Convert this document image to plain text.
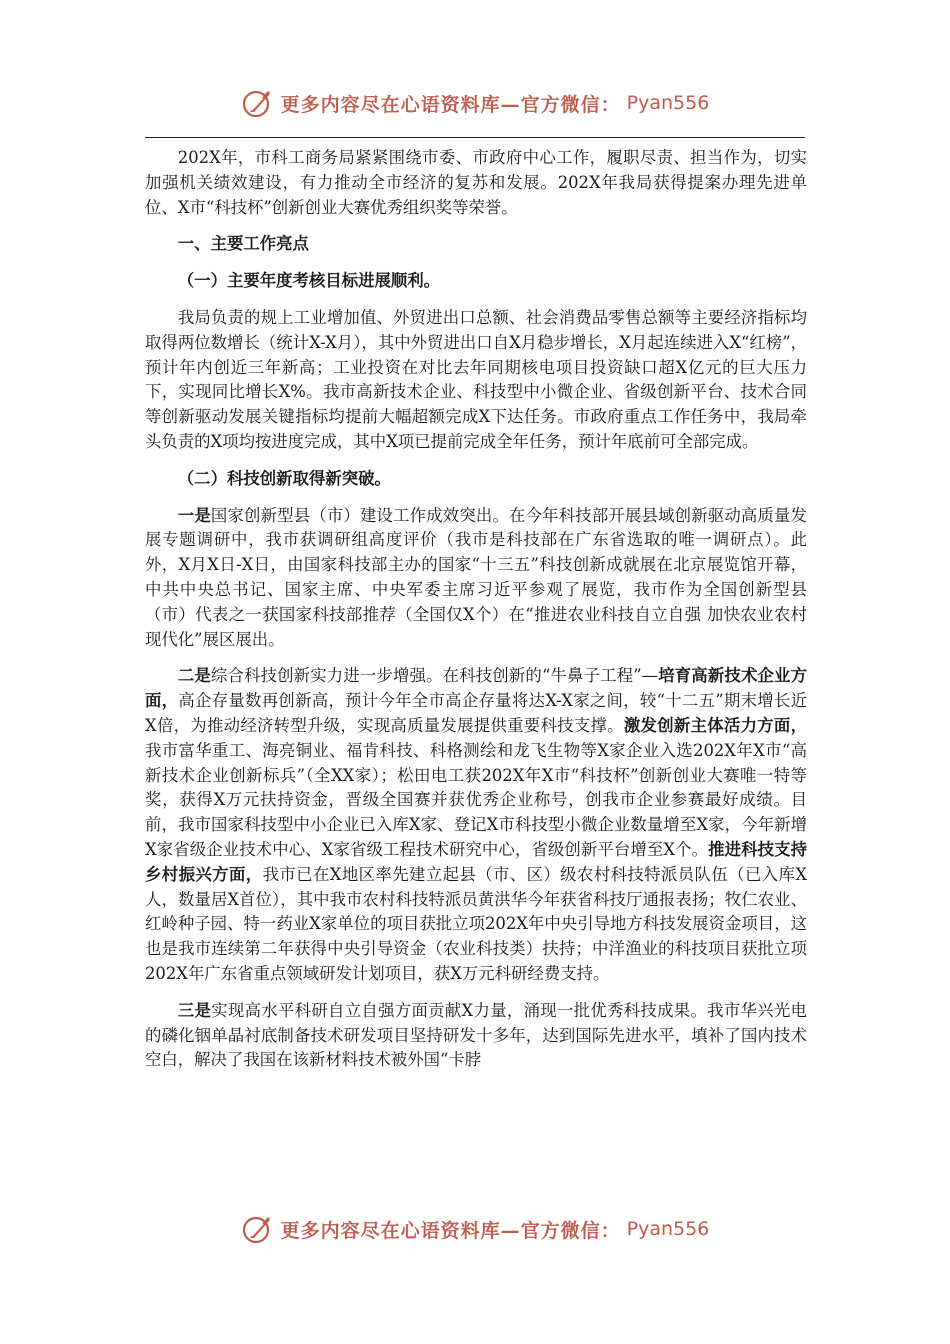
更多内容尽在心语资料库—官方微信： Pyan556

202X年，市科工商务局紧紧围绕市委、市政府中心工作，履职尽责、担当作为，切实加强机关绩效建设，有力推动全市经济的复苏和发展。202X年我局获得提案办理先进单位、X市“科技杯”创新创业大赛优秀组织奖等荣誉。

一、主要工作亮点
（一）主要年度考核目标进展顺利。

我局负责的规上工业增加值、外贸进出口总额、社会消费品零售总额等主要经济指标均取得两位数增长（统计X-X月），其中外贸进出口自X月稳步增长，X月起连续进入X“红榜”，预计年内创近三年新高；工业投资在对比去年同期核电项目投资缺口超X亿元的巨大压力下，实现同比增长X%。我市高新技术企业、科技型中小微企业、省级创新平台、技术合同等创新驱动发展关键指标均提前大幅超额完成X下达任务。市政府重点工作任务中，我局牵头负责的X项均按进度完成，其中X项已提前完成全年任务，预计年底前可全部完成。

（二）科技创新取得新突破。

一是国家创新型县（市）建设工作成效突出。在今年科技部开展县域创新驱动高质量发展专题调研中，我市获调研组高度评价（我市是科技部在广东省选取的唯一调研点）。此外，X月X日-X日，由国家科技部主办的国家“十三五”科技创新成就展在北京展览馆开幕，中共中央总书记、国家主席、中央军委主席习近平参观了展览，我市作为全国创新型县（市）代表之一获国家科技部推荐（全国仅X个）在“推进农业科技自立自强 加快农业农村现代化”展区展出。

二是综合科技创新实力进一步增强。在科技创新的“牛鼻子工程”—培育高新技术企业方面，高企存量数再创新高，预计今年全市高企存量将达X-X家之间，较“十二五”期末增长近X倍，为推动经济转型升级，实现高质量发展提供重要科技支撑。激发创新主体活力方面，我市富华重工、海亮铜业、福肯科技、科格测绘和龙飞生物等X家企业入选202X年X市“高新技术企业创新标兵”（全XX家）；松田电工获202X年X市“科技杯”创新创业大赛唯一特等奖，获得X万元扶持资金，晋级全国赛并获优秀企业称号，创我市企业参赛最好成绩。目前，我市国家科技型中小企业已入库X家、登记X市科技型小微企业数量增至X家，今年新增X家省级企业技术中心、X家省级工程技术研究中心，省级创新平台增至X个。推进科技支持乡村振兴方面，我市已在X地区率先建立起县（市、区）级农村科技特派员队伍（已入库X人，数量居X首位），其中我市农村科技特派员黄洪华今年获省科技厅通报表扬；牧仁农业、红岭种子园、特一药业X家单位的项目获批立项202X年中央引导地方科技发展资金项目，这也是我市连续第二年获得中央引导资金（农业科技类）扶持；中洋渔业的科技项目获批立项202X年广东省重点领域研发计划项目，获X万元科研经费支持。

三是实现高水平科研自立自强方面贡献X力量，涌现一批优秀科技成果。我市华兴光电的磷化铟单晶衬底制备技术研发项目坚持研发十多年，达到国际先进水平，填补了国内技术空白，解决了我国在该新材料技术被外国“卡脖

更多内容尽在心语资料库—官方微信： Pyan556
